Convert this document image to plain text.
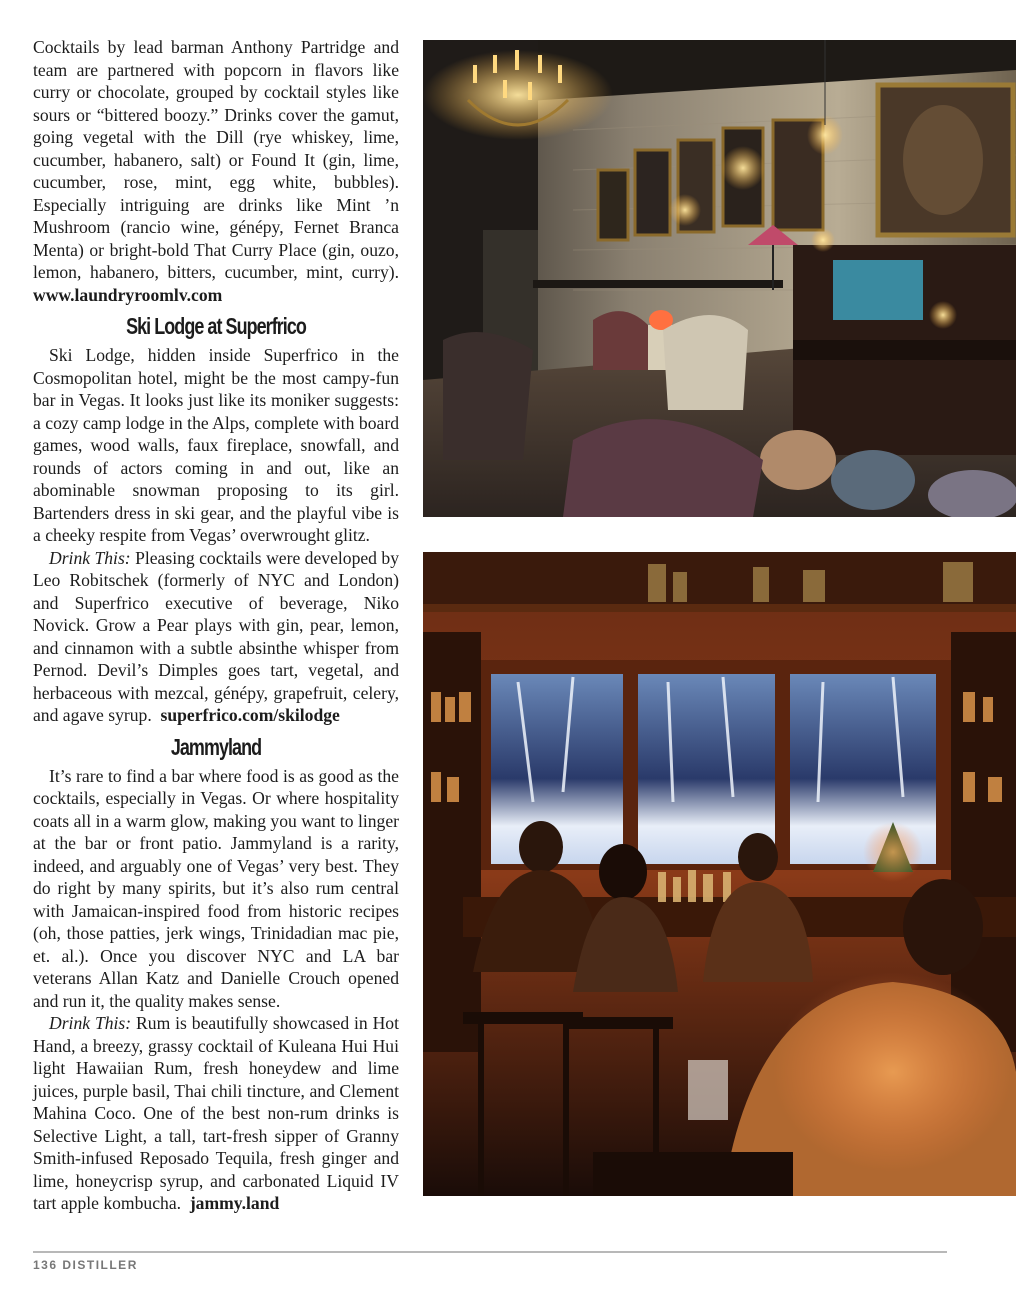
Cocktails by lead barman Anthony Partridge and team are partnered with popcorn in flavors like curry or chocolate, grouped by cocktail styles like sours or “bittered boozy.” Drinks cover the gamut, going vegetal with the Dill (rye whiskey, lime, cucumber, habanero, salt) or Found It (gin, lime, cucumber, rose, mint, egg white, bubbles). Especially intriguing are drinks like Mint ’n Mushroom (rancio wine, génépy, Fernet Branca Menta) or bright-bold That Curry Place (gin, ouzo, lemon, habanero, bitters, cucumber, mint, curry). www.laundryroomlv.com

Ski Lodge at Superfrico

Ski Lodge, hidden inside Superfrico in the Cosmopolitan hotel, might be the most campy-fun bar in Vegas. It looks just like its moniker suggests: a cozy camp lodge in the Alps, complete with board games, wood walls, faux fireplace, snowfall, and rounds of actors coming in and out, like an abominable snowman proposing to its girl. Bartenders dress in ski gear, and the playful vibe is a cheeky respite from Vegas’ overwrought glitz.

Drink This: Pleasing cocktails were developed by Leo Robitschek (formerly of NYC and London) and Superfrico executive of beverage, Niko Novick. Grow a Pear plays with gin, pear, lemon, and cinnamon with a subtle absinthe whisper from Pernod. Devil’s Dimples goes tart, vegetal, and herbaceous with mezcal, génépy, grapefruit, celery, and agave syrup. superfrico.com/skilodge

Jammyland

It’s rare to find a bar where food is as good as the cocktails, especially in Vegas. Or where hospitality coats all in a warm glow, making you want to linger at the bar or front patio. Jammyland is a rarity, indeed, and arguably one of Vegas’ very best. They do right by many spirits, but it’s also rum central with Jamaican-inspired food from historic recipes (oh, those patties, jerk wings, Trinidadian mac pie, et. al.). Once you discover NYC and LA bar veterans Allan Katz and Danielle Crouch opened and run it, the quality makes sense.

Drink This: Rum is beautifully showcased in Hot Hand, a breezy, grassy cocktail of Kuleana Hui Hui light Hawaiian Rum, fresh honeydew and lime juices, purple basil, Thai chili tincture, and Clement Mahina Coco. One of the best non-rum drinks is Selective Light, a tall, tart-fresh sipper of Granny Smith-infused Reposado Tequila, fresh ginger and lime, honeycrisp syrup, and carbonated Liquid IV tart apple kombucha. jammy.land

136 DISTILLER
